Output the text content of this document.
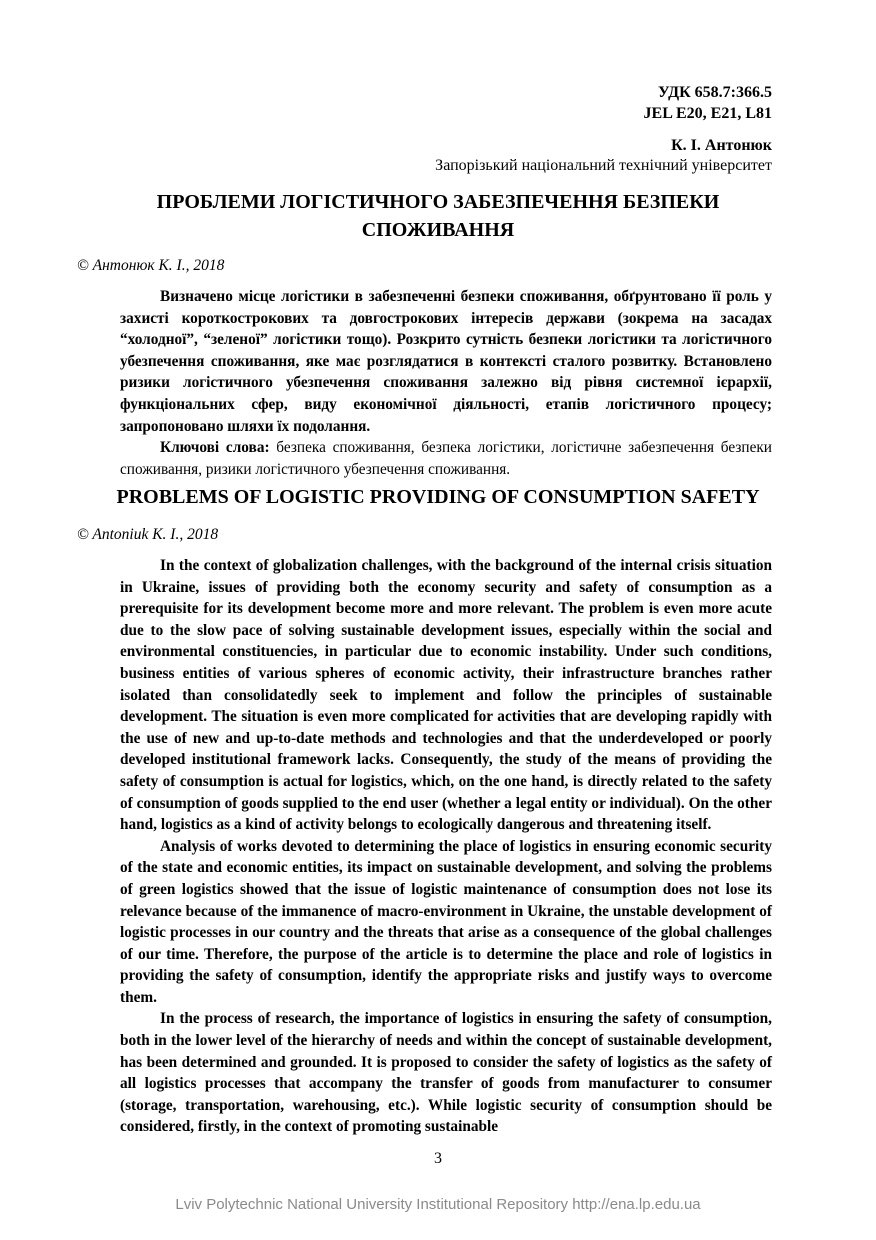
УДК 658.7:366.5
JEL E20, E21, L81
К. І. Антонюк
Запорізький національний технічний університет
ПРОБЛЕМИ ЛОГІСТИЧНОГО ЗАБЕЗПЕЧЕННЯ БЕЗПЕКИ СПОЖИВАННЯ
© Антонюк К. І., 2018

Визначено місце логістики в забезпеченні безпеки споживання, обґрунтовано її роль у захисті короткострокових та довгострокових інтересів держави (зокрема на засадах “холодної”, “зеленої” логістики тощо). Розкрито сутність безпеки логістики та логістичного убезпечення споживання, яке має розглядатися в контексті сталого розвитку. Встановлено ризики логістичного убезпечення споживання залежно від рівня системної ієрархії, функціональних сфер, виду економічної діяльності, етапів логістичного процесу; запропоновано шляхи їх подолання.

Ключові слова: безпека споживання, безпека логістики, логістичне забезпечення безпеки споживання, ризики логістичного убезпечення споживання.

PROBLEMS OF LOGISTIC PROVIDING OF CONSUMPTION SAFETY
© Antoniuk K. I., 2018

In the context of globalization challenges, with the background of the internal crisis situation in Ukraine, issues of providing both the economy security and safety of consumption as a prerequisite for its development become more and more relevant. The problem is even more acute due to the slow pace of solving sustainable development issues, especially within the social and environmental constituencies, in particular due to economic instability. Under such conditions, business entities of various spheres of economic activity, their infrastructure branches rather isolated than consolidatedly seek to implement and follow the principles of sustainable development. The situation is even more complicated for activities that are developing rapidly with the use of new and up-to-date methods and technologies and that the underdeveloped or poorly developed institutional framework lacks. Consequently, the study of the means of providing the safety of consumption is actual for logistics, which, on the one hand, is directly related to the safety of consumption of goods supplied to the end user (whether a legal entity or individual). On the other hand, logistics as a kind of activity belongs to ecologically dangerous and threatening itself.

Analysis of works devoted to determining the place of logistics in ensuring economic security of the state and economic entities, its impact on sustainable development, and solving the problems of green logistics showed that the issue of logistic maintenance of consumption does not lose its relevance because of the immanence of macro-environment in Ukraine, the unstable development of logistic processes in our country and the threats that arise as a consequence of the global challenges of our time. Therefore, the purpose of the article is to determine the place and role of logistics in providing the safety of consumption, identify the appropriate risks and justify ways to overcome them.

In the process of research, the importance of logistics in ensuring the safety of consumption, both in the lower level of the hierarchy of needs and within the concept of sustainable development, has been determined and grounded. It is proposed to consider the safety of logistics as the safety of all logistics processes that accompany the transfer of goods from manufacturer to consumer (storage, transportation, warehousing, etc.). While logistic security of consumption should be considered, firstly, in the context of promoting sustainable

3
Lviv Polytechnic National University Institutional Repository http://ena.lp.edu.ua
